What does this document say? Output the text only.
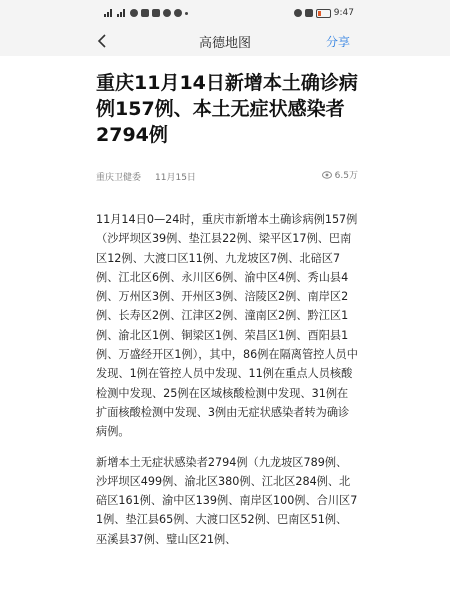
9:47
高德地图	分享
重庆11月14日新增本土确诊病例157例、本土无症状感染者2794例
重庆卫健委 11月15日	6.5万

11月14日0—24时，重庆市新增本土确诊病例157例（沙坪坝区39例、垫江县22例、梁平区17例、巴南区12例、大渡口区11例、九龙坡区7例、北碚区7例、江北区6例、永川区6例、渝中区4例、秀山县4例、万州区3例、开州区3例、涪陵区2例、南岸区2例、长寿区2例、江津区2例、潼南区2例、黔江区1例、渝北区1例、铜梁区1例、荣昌区1例、酉阳县1例、万盛经开区1例），其中，86例在隔离管控人员中发现、1例在管控人员中发现、11例在重点人员核酸检测中发现、25例在区域核酸检测中发现、31例在扩面核酸检测中发现、3例由无症状感染者转为确诊病例。

新增本土无症状感染者2794例（九龙坡区789例、沙坪坝区499例、渝北区380例、江北区284例、北碚区161例、渝中区139例、南岸区100例、合川区71例、垫江县65例、大渡口区52例、巴南区51例、巫溪县37例、璧山区21例、
